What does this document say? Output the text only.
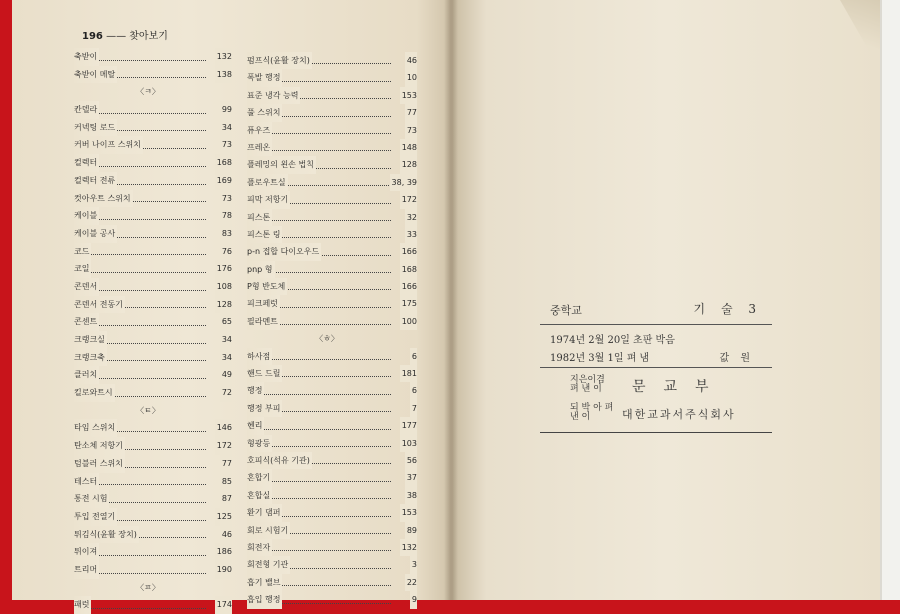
196 —— 찾아보기
축받이	132
축받이 메탈	138
〈ㅋ〉
칸델라	99
커넥팅 로드	34
커버 나이프 스위치	73
컬렉터	168
컬렉터 전류	169
컷아우트 스위치	73
케이블	78
케이블 공사	83
코드	76
코일	176
콘덴서	108
콘덴서 전동기	128
콘센트	65
크랭크실	34
크랭크축	34
클러치	49
킬로와트시	72
〈ㅌ〉
타임 스위치	146
탄소체 저항기	172
텀블러 스위치	77
테스터	85
통전 시험	87
투입 전열기	125
튀김식(윤활 장치)	46
튀이져	186
트리머	190
〈ㅍ〉
패럿	174
펌프식(윤활 장치)	46
폭발 행정	10
표준 냉각 능력	153
풀 스위치	77
퓨우즈	73
프레온	148
플레밍의 왼손 법칙	128
플로우트실	38, 39
피막 저항기	172
피스톤	32
피스톤 링	33
p-n 접합 다이오우드	166
pnp 형	168
P형 반도체	166
피크페럿	175
필라멘트	100
〈ㅎ〉
하사점	6
핸드 드릴	181
행정	6
행정 부피	7
헨리	177
형광등	103
호피식(석유 기관)	56
혼합기	37
혼합실	38
환기 댐퍼	153
회로 시험기	89
회전자	132
회전형 기관	3
흡기 밸브	22
흡입 행정	9
중학교	기 술 3
1974년 2월 20일 초판 박음
1982년 3월 1일 펴 냄	값 원
지은이겸 펴 낸 이	문교부
되 박 아 펴 낸 이	대한교과서주식회사
